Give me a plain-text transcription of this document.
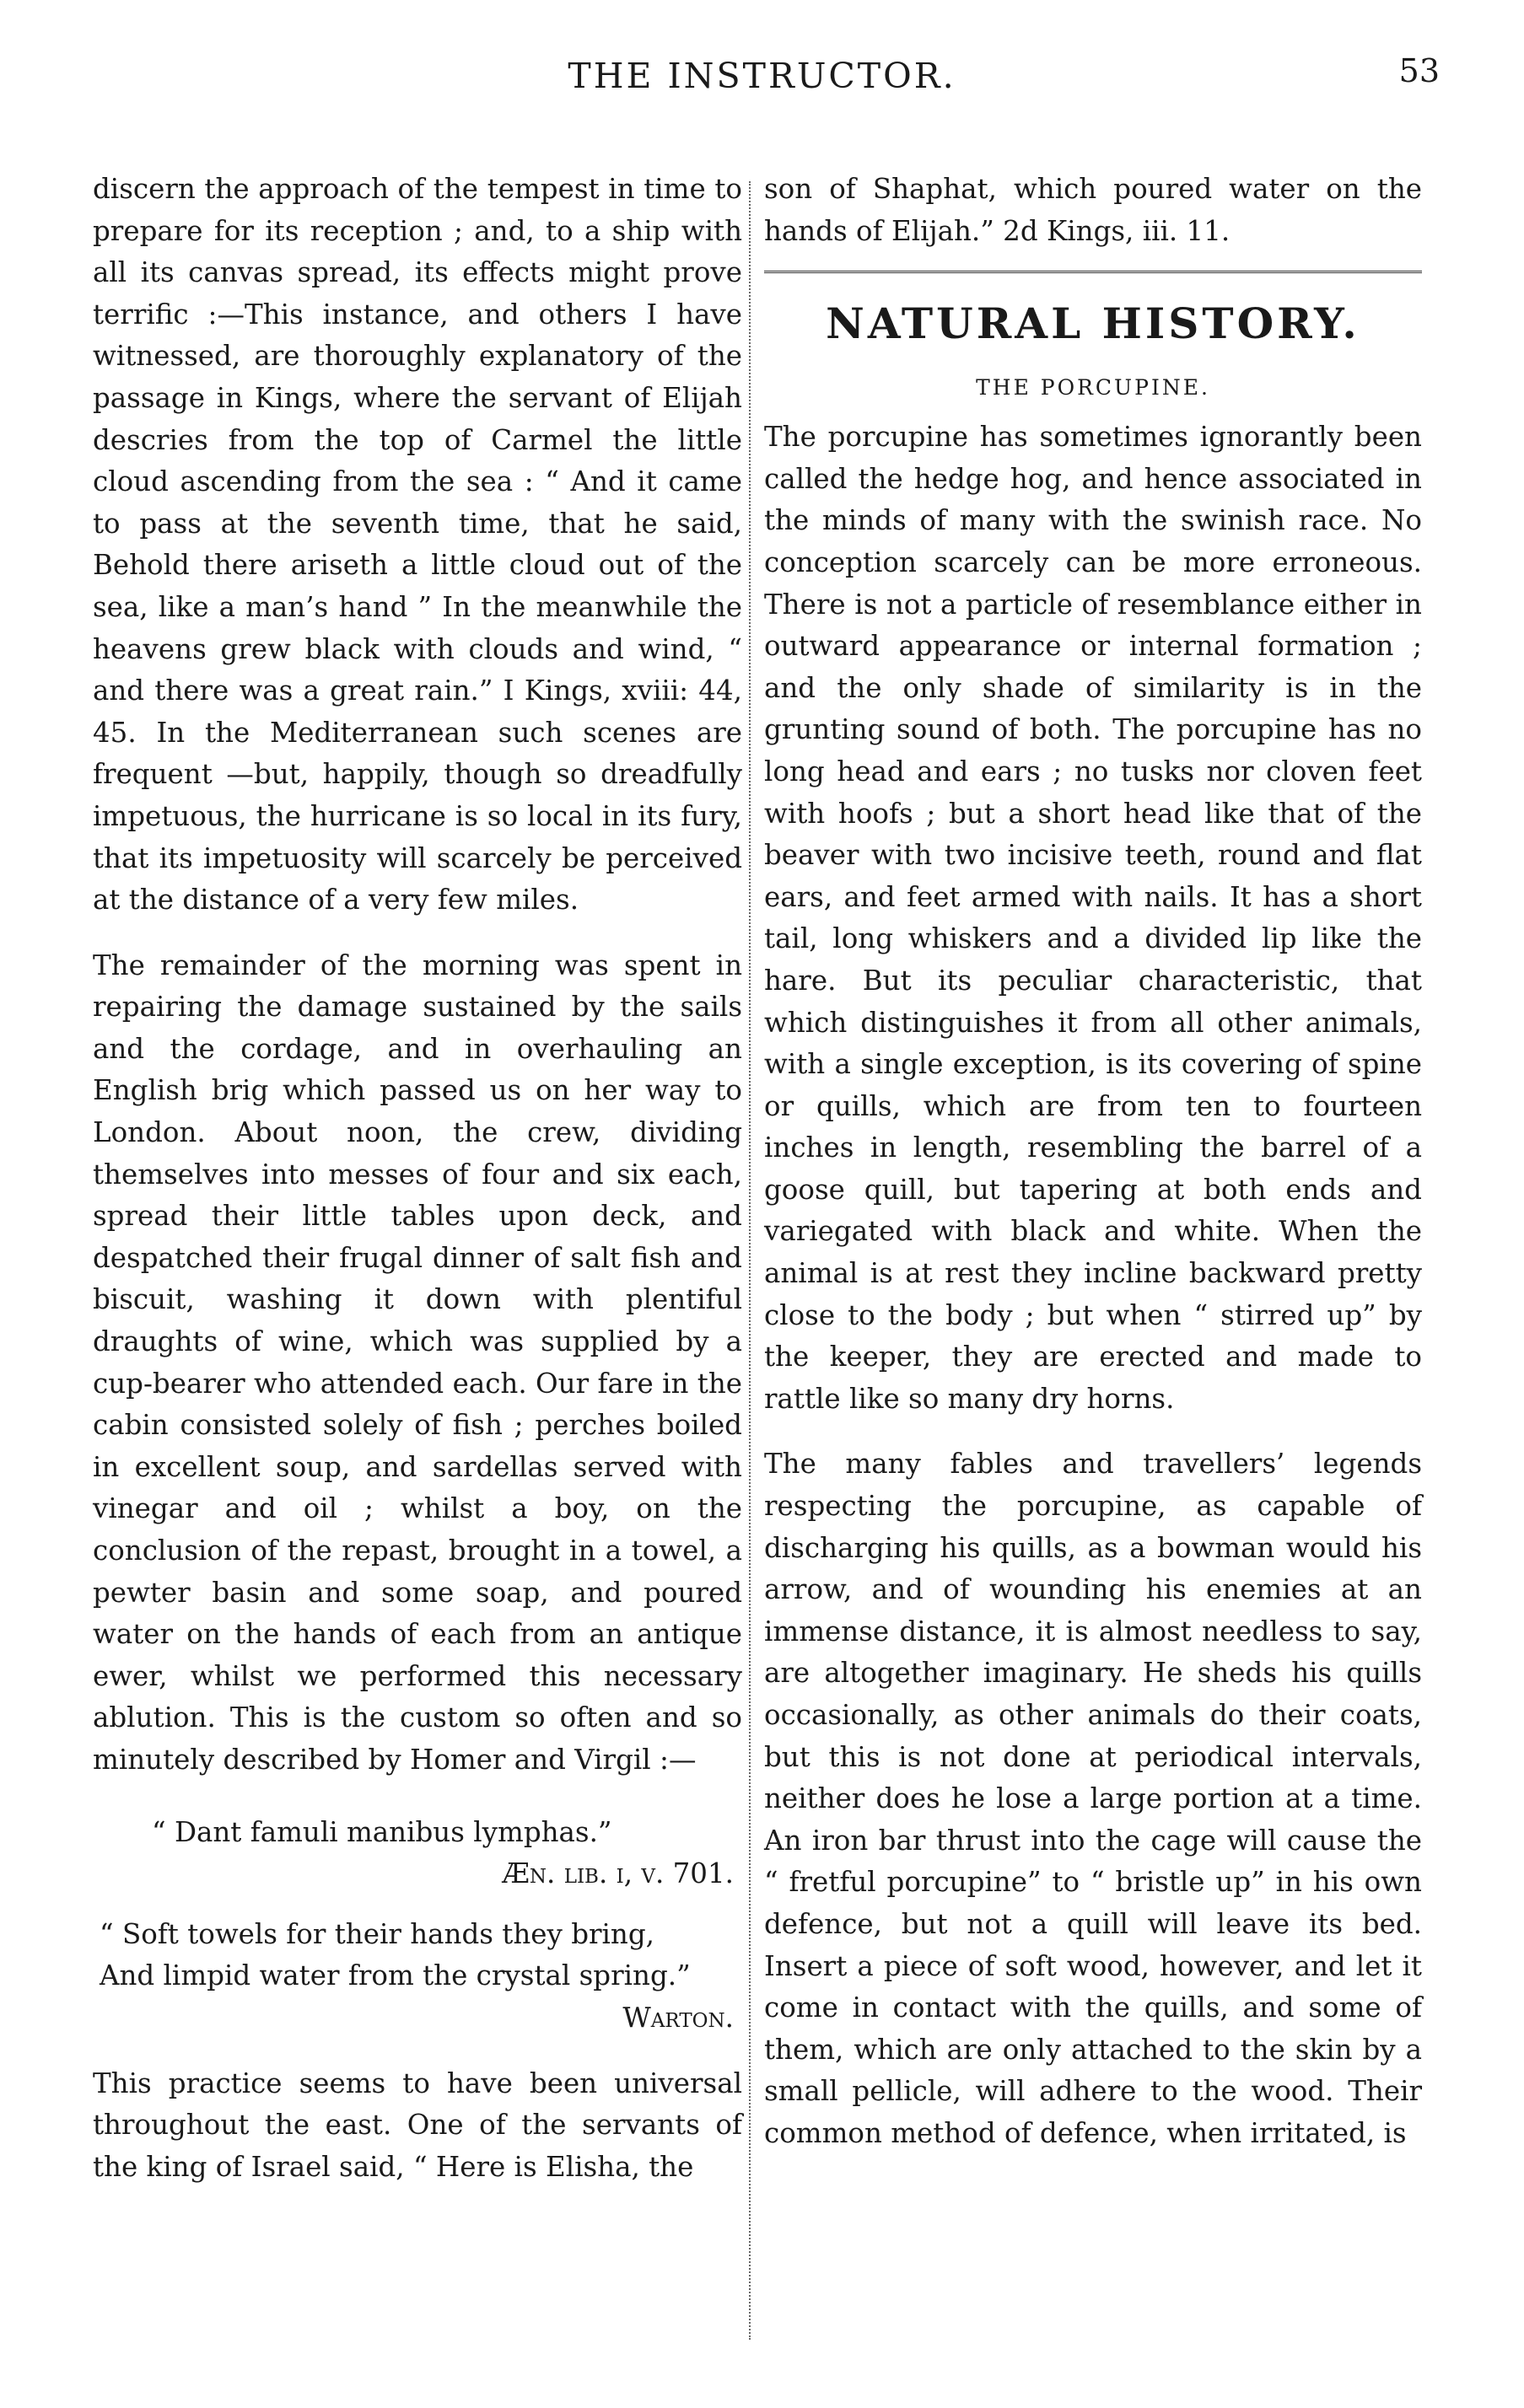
THE INSTRUCTOR.	53

discern the approach of the tempest in time to prepare for its reception ; and, to a ship with all its canvas spread, its effects might prove terrific :—This instance, and others I have witnessed, are thoroughly explanatory of the passage in Kings, where the servant of Elijah descries from the top of Carmel the little cloud ascending from the sea : “ And it came to pass at the seventh time, that he said, Behold there ariseth a little cloud out of the sea, like a man’s hand ” In the meanwhile the heavens grew black with clouds and wind, “ and there was a great rain.” I Kings, xviii: 44, 45. In the Mediterranean such scenes are frequent —but, happily, though so dreadfully impetuous, the hurricane is so local in its fury, that its impetuosity will scarcely be perceived at the distance of a very few miles.

The remainder of the morning was spent in repairing the damage sustained by the sails and the cordage, and in overhauling an English brig which passed us on her way to London. About noon, the crew, dividing themselves into messes of four and six each, spread their little tables upon deck, and despatched their frugal dinner of salt fish and biscuit, washing it down with plentiful draughts of wine, which was supplied by a cup-bearer who attended each. Our fare in the cabin consisted solely of fish ; perches boiled in excellent soup, and sardellas served with vinegar and oil ; whilst a boy, on the conclusion of the repast, brought in a towel, a pewter basin and some soap, and poured water on the hands of each from an antique ewer, whilst we performed this necessary ablution. This is the custom so often and so minutely described by Homer and Virgil :—

“ Dant famuli manibus lymphas.”

Æn. lib. i, v. 701.

“ Soft towels for their hands they bring,

And limpid water from the crystal spring.”

Warton.

This practice seems to have been universal throughout the east. One of the servants of the king of Israel said, “ Here is Elisha, the

son of Shaphat, which poured water on the hands of Elijah.” 2d Kings, iii. 11.

NATURAL HISTORY.
THE PORCUPINE.

The porcupine has sometimes ignorantly been called the hedge hog, and hence associated in the minds of many with the swinish race. No conception scarcely can be more erroneous. There is not a particle of resemblance either in outward appearance or internal formation ; and the only shade of similarity is in the grunting sound of both. The porcupine has no long head and ears ; no tusks nor cloven feet with hoofs ; but a short head like that of the beaver with two incisive teeth, round and flat ears, and feet armed with nails. It has a short tail, long whiskers and a divided lip like the hare. But its peculiar characteristic, that which distinguishes it from all other animals, with a single exception, is its covering of spine or quills, which are from ten to fourteen inches in length, resembling the barrel of a goose quill, but tapering at both ends and variegated with black and white. When the animal is at rest they incline backward pretty close to the body ; but when “ stirred up” by the keeper, they are erected and made to rattle like so many dry horns.

The many fables and travellers’ legends respecting the porcupine, as capable of discharging his quills, as a bowman would his arrow, and of wounding his enemies at an immense distance, it is almost needless to say, are altogether imaginary. He sheds his quills occasionally, as other animals do their coats, but this is not done at periodical intervals, neither does he lose a large portion at a time. An iron bar thrust into the cage will cause the “ fretful porcupine” to “ bristle up” in his own defence, but not a quill will leave its bed. Insert a piece of soft wood, however, and let it come in contact with the quills, and some of them, which are only attached to the skin by a small pellicle, will adhere to the wood. Their common method of defence, when irritated, is
